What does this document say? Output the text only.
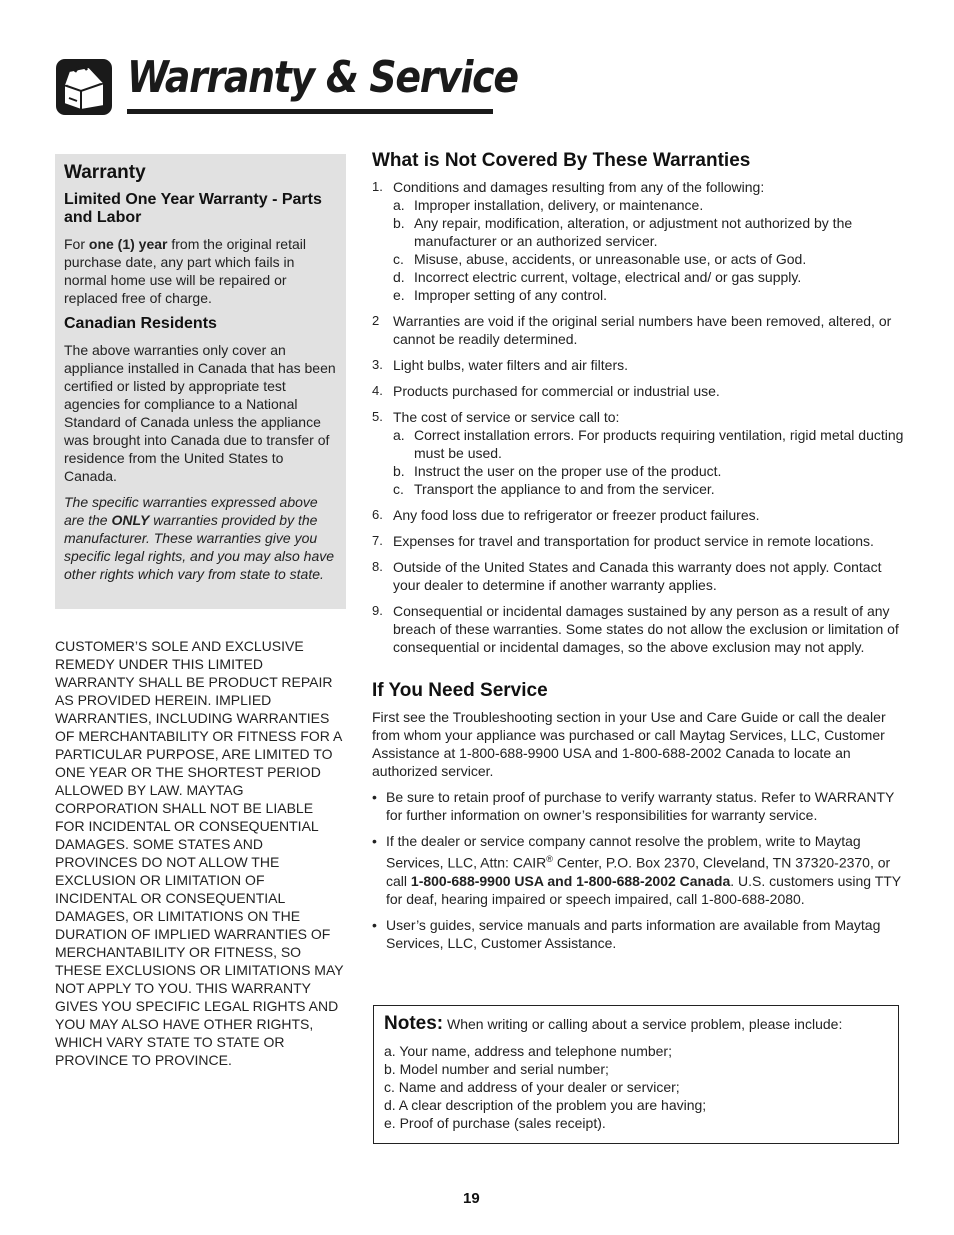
Warranty & Service
Warranty
Limited One Year Warranty - Parts and Labor

For one (1) year from the original retail purchase date, any part which fails in normal home use will be repaired or replaced free of charge.

Canadian Residents

The above warranties only cover an appliance installed in Canada that has been certified or listed by appropriate test agencies for compliance to a National Standard of Canada unless the appliance was brought into Canada due to transfer of residence from the United States to Canada.

The specific warranties expressed above are the ONLY warranties provided by the manufacturer. These warranties give you specific legal rights, and you may also have other rights which vary from state to state.

CUSTOMER’S SOLE AND EXCLUSIVE REMEDY UNDER THIS LIMITED WARRANTY SHALL BE PRODUCT REPAIR AS PROVIDED HEREIN. IMPLIED WARRANTIES, INCLUDING WARRANTIES OF MERCHANTABILITY OR FITNESS FOR A PARTICULAR PURPOSE, ARE LIMITED TO ONE YEAR OR THE SHORTEST PERIOD ALLOWED BY LAW. MAYTAG CORPORATION SHALL NOT BE LIABLE FOR INCIDENTAL OR CONSEQUENTIAL DAMAGES. SOME STATES AND PROVINCES DO NOT ALLOW THE EXCLUSION OR LIMITATION OF INCIDENTAL OR CONSEQUENTIAL DAMAGES, OR LIMITATIONS ON THE DURATION OF IMPLIED WARRANTIES OF MERCHANTABILITY OR FITNESS, SO THESE EXCLUSIONS OR LIMITATIONS MAY NOT APPLY TO YOU. THIS WARRANTY GIVES YOU SPECIFIC LEGAL RIGHTS AND YOU MAY ALSO HAVE OTHER RIGHTS, WHICH VARY STATE TO STATE OR PROVINCE TO PROVINCE.

What is Not Covered By These Warranties
1. Conditions and damages resulting from any of the following:
a. Improper installation, delivery, or maintenance.
b. Any repair, modification, alteration, or adjustment not authorized by the manufacturer or an authorized servicer.
c. Misuse, abuse, accidents, or unreasonable use, or acts of God.
d. Incorrect electric current, voltage, electrical and/ or gas supply.
e. Improper setting of any control.
2 Warranties are void if the original serial numbers have been removed, altered, or cannot be readily determined.
3. Light bulbs, water filters and air filters.
4. Products purchased for commercial or industrial use.
5. The cost of service or service call to:
a. Correct installation errors. For products requiring ventilation, rigid metal ducting must be used.
b. Instruct the user on the proper use of the product.
c. Transport the appliance to and from the servicer.
6. Any food loss due to refrigerator or freezer product failures.
7. Expenses for travel and transportation for product service in remote locations.
8. Outside of the United States and Canada this warranty does not apply. Contact your dealer to determine if another warranty applies.
9. Consequential or incidental damages sustained by any person as a result of any breach of these warranties. Some states do not allow the exclusion or limitation of consequential or incidental damages, so the above exclusion may not apply.
If You Need Service

First see the Troubleshooting section in your Use and Care Guide or call the dealer from whom your appliance was purchased or call Maytag Services, LLC, Customer Assistance at 1-800-688-9900 USA and 1-800-688-2002 Canada to locate an authorized servicer.

• Be sure to retain proof of purchase to verify warranty status. Refer to WARRANTY for further information on owner’s responsibilities for warranty service.
• If the dealer or service company cannot resolve the problem, write to Maytag Services, LLC, Attn: CAIR® Center, P.O. Box 2370, Cleveland, TN 37320-2370, or call 1-800-688-9900 USA and 1-800-688-2002 Canada. U.S. customers using TTY for deaf, hearing impaired or speech impaired, call 1-800-688-2080.
• User’s guides, service manuals and parts information are available from Maytag Services, LLC, Customer Assistance.

Notes: When writing or calling about a service problem, please include:

a. Your name, address and telephone number;

b. Model number and serial number;

c. Name and address of your dealer or servicer;

d. A clear description of the problem you are having;

e. Proof of purchase (sales receipt).

19
